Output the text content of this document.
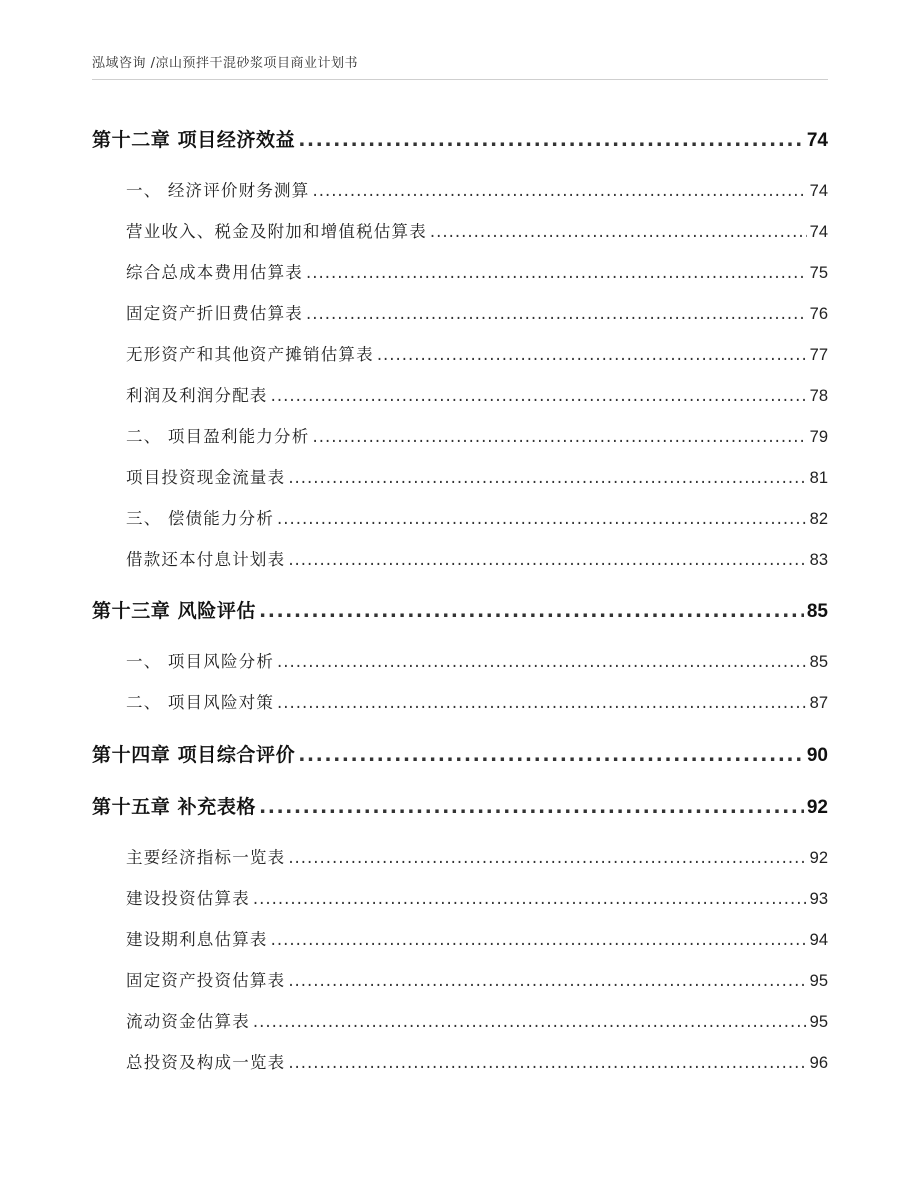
泓域咨询 /凉山预拌干混砂浆项目商业计划书
第十二章 项目经济效益 .....	74
一、 经济评价财务测算 .....	74
营业收入、税金及附加和增值税估算表 .....	74
综合总成本费用估算表 .....	75
固定资产折旧费估算表 .....	76
无形资产和其他资产摊销估算表 .....	77
利润及利润分配表 .....	78
二、 项目盈利能力分析 .....	79
项目投资现金流量表 .....	81
三、 偿债能力分析 .....	82
借款还本付息计划表 .....	83
第十三章 风险评估 .....	85
一、 项目风险分析 .....	85
二、 项目风险对策 .....	87
第十四章 项目综合评价 .....	90
第十五章 补充表格 .....	92
主要经济指标一览表 .....	92
建设投资估算表 .....	93
建设期利息估算表 .....	94
固定资产投资估算表 .....	95
流动资金估算表 .....	95
总投资及构成一览表 .....	96
